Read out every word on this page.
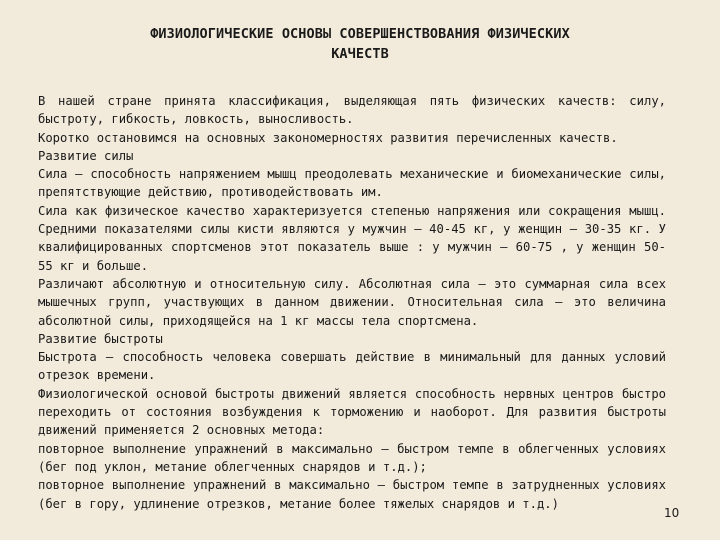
ФИЗИОЛОГИЧЕСКИЕ ОСНОВЫ СОВЕРШЕНСТВОВАНИЯ ФИЗИЧЕСКИХ
КАЧЕСТВ

В нашей стране принята классификация, выделяющая пять физических качеств: силу, быстроту, гибкость, ловкость, выносливость.

Коротко остановимся на основных закономерностях развития перечисленных качеств.

Развитие силы

Сила – способность напряжением мышц преодолевать механические и биомеханические силы, препятствующие действию, противодействовать им.

Сила как физическое качество характеризуется степенью напряжения или сокращения мышц. Средними показателями силы кисти являются у мужчин – 40-45 кг, у женщин – 30-35 кг. У квалифицированных спортсменов этот показатель выше : у мужчин – 60-75 , у женщин 50-55 кг и больше.

Различают абсолютную и относительную силу. Абсолютная сила – это суммарная сила всех мышечных групп, участвующих в данном движении. Относительная сила – это величина абсолютной силы, приходящейся на 1 кг массы тела спортсмена.

Развитие быстроты

Быстрота – способность человека совершать действие в минимальный для данных условий отрезок времени.

Физиологической основой быстроты движений является способность нервных центров быстро переходить от состояния возбуждения к торможению и наоборот. Для развития быстроты движений применяется 2 основных метода:

повторное выполнение упражнений в максимально – быстром темпе в облегченных условиях (бег под уклон, метание облегченных снарядов и т.д.);

повторное выполнение упражнений в максимально – быстром темпе в затрудненных условиях (бег в гору, удлинение отрезков, метание более тяжелых снарядов и т.д.)

10
